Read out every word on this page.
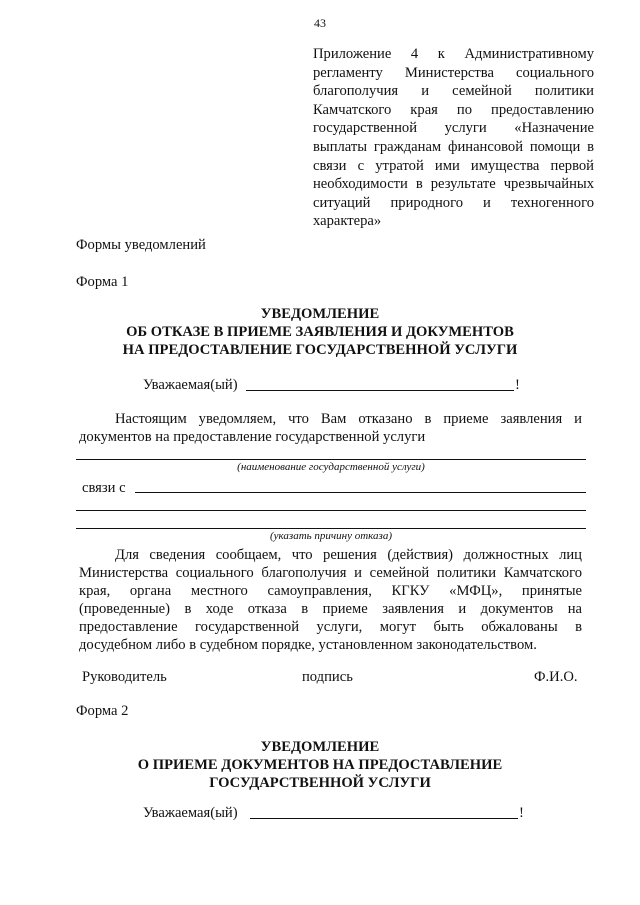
43
Приложение 4 к Административному
регламенту Министерства социального
благополучия и семейной политики
Камчатского края по предоставлению
государственной услуги «Назначение
выплаты гражданам финансовой помощи в
связи с утратой ими имущества первой
необходимости в результате чрезвычайных
ситуаций природного и техногенного
характера»
Формы уведомлений
Форма 1
УВЕДОМЛЕНИЕ
ОБ ОТКАЗЕ В ПРИЕМЕ ЗАЯВЛЕНИЯ И ДОКУМЕНТОВ
НА ПРЕДОСТАВЛЕНИЕ ГОСУДАРСТВЕННОЙ УСЛУГИ
Уважаемая(ый)	!
Настоящим уведомляем, что Вам отказано в приеме заявления и
документов на предоставление государственной услуги
(наименование государственной услуги)
связи с
(указать причину отказа)
Для сведения сообщаем, что решения (действия) должностных лиц
Министерства социального благополучия и семейной политики Камчатского
края, органа местного самоуправления, КГКУ «МФЦ», принятые
(проведенные) в ходе отказа в приеме заявления и документов на
предоставление государственной услуги, могут быть обжалованы в
досудебном либо в судебном порядке, установленном законодательством.
Руководитель	подпись	Ф.И.О.
Форма 2
УВЕДОМЛЕНИЕ
О ПРИЕМЕ ДОКУМЕНТОВ НА ПРЕДОСТАВЛЕНИЕ
ГОСУДАРСТВЕННОЙ УСЛУГИ
Уважаемая(ый)	!
